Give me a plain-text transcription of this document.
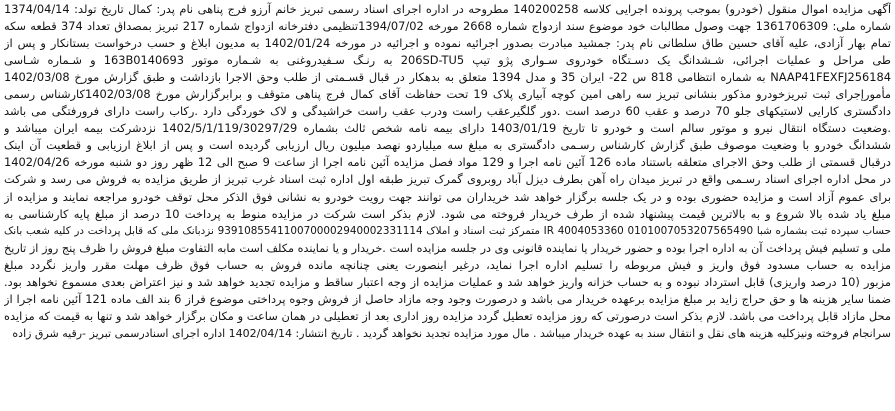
آگهی مزایده اموال منقول (خودرو) بموجب پرونده اجرایی کلاسه 140200258 مطروحه در اداره اجرای اسناد رسمی تبریز خانم آرزو فرج پناهی نام پدر: کمال تاریخ تولد: 1374/04/14
شماره ملی: 1361706309 جهت وصول مطالبات خود موضوع سند ازدواج شماره 2668 مورخه 1394/07/02تنظیمی دفترخانه ازدواج شماره 217 تبریز بمصداق تعداد 374 قطعه سکه
تمام بهار آزادی، علیه آقای حسین طاق سلطانی نام پدر: جمشید مبادرت بصدور اجرائیه نموده و اجرائیه در مورخه 1402/01/24 به مدیون ابلاغ و حسب درخواست بستانکار و پس از
طی مراحل و عملیات اجرائی، شـشدانگ یک دسـتگاه خودروی سـواری پژو تیپ 206SD-TU5 به رنـگ سـفیدروغنی به شـماره موتور 163B0140693 و شـماره شـاسی
NAAP41FEXFJ256184 به شماره انتظامی 818 س 22- ایران 35 و مدل 1394 متعلق به بدهکار در قبال قسـمتی از طلب وحق الاجرا بازداشت و طبق گزارش مورخ 1402/03/08
مأمورإجرای ثبت تبریزخودرو مذکور بنشانی تبریز سه راهی امین کوچه آبیاری پلاک 19 تحت حفاظت آقای کمال فرج پناهی متوقف و برابرگزارش مورخ 1402/03/08کارشناس رسمی
دادگستری کارایی لاستیکهای جلو 70 درصد و عقب 60 درصد است .دور گلگیرعقب راست ودرب عقب راست خراشیدگی و لاک خوردگی دارد .رکاب راست دارای فرورفتگی می باشد
.وضعیت دستگاه انتقال نیرو و موتور سالم است و خودرو تا تاریخ 1403/01/19 دارای بیمه نامه شخص ثالث بشماره 1402/5/1/119/30297/29 نزدشرکت بیمه ایران میباشد و
ششدانگ خودرو با وضعیت موصوف طبق گزارش کارشناس رسـمی دادگستری به مبلغ سه میلیاردو نهصد میلیون ریال ارزیابی گردیده است و پس از ابلاغ ارزیابی و قطعیت آن اینک
درقبال قسمتی از طلب وحق الاجرای متعلقه باستناد ماده 126 آئین نامه اجرا و 129 مواد فصل مزایده آئین نامه اجرا از ساعت 9 صبح الی 12 ظهر روز دو شنبه مورخه 1402/04/26
در محل اداره اجرای اسناد رسـمی واقع در تبریز میدان راه آهن بطرف دیزل آباد روبروی گمرک تبریز طبقه اول اداره ثبت اسناد غرب تبریز از طریق مزایده به فروش می رسد و شرکت
برای عموم آزاد است و مزایده حضوری بوده و در یک جلسه برگزار خواهد شد خریداران می توانند جهت رویت خودرو به نشانی فوق الذکر محل توقف خودرو مراجعه نمایند و مزایده از
مبلغ یاد شده بالا شروع و به بالاترین قیمت پیشنهاد شده از طرف خریدار فروخته می شود. لازم بذکر است شرکت در مزایده منوط به پرداخت 10 درصد از مبلغ پایه کارشناسی به
حساب سپرده ثبت بشماره شبا 0101007053207565490 4004053360 IR متمرکز ثبت اسناد و املاک 9391085541100700002940002331114 نزدبانک ملی که قابل پرداخت در کلیه شعب بانک
ملی و تسلیم فیش پرداخت آن به اداره اجرا بوده و حضور خریدار یا نماینده قانونی وی در جلسه مزایده است .خریدار و یا نماینده مکلف است مابه التفاوت مبلغ فروش را ظرف پنج روز از تاریخ
مزایده به حساب مسدود فوق واریز و فیش مربوطه را تسلیم اداره اجرا نماید، درغیر اینصورت یعنی چنانچه مانده فروش به حساب فوق ظرف مهلت مقرر واریز نگردد مبلغ
مزبور (10 درصد واریزی) قابل استرداد نبوده و به حساب خزانه واریز خواهد شد و عملیات مزایده از وجه اعتبار ساقط و مزایده تجدید خواهد شد و نیز اعتراض بعدی مسموع نخواهد بود.
ضمنا سایر هزینه ها و حق حراج زاید بر مبلغ مزایده برعهده خریدار می باشد و درصورت وجود وجه مازاد حاصل از فروش وجوه پرداختی موضوع فراز 6 بند الف ماده 121 آئین نامه اجرا از
محل مازاد قابل پرداخت می باشد. لازم بذکر است درصورتی که روز مزایده تعطیل گردد مزایده روز اداری بعد از تعطیلی در همان ساعت و مکان برگزار خواهد شد و تنها به قیمت که مزایده
سرانجام فروخته ونیزکلیه هزینه های نقل و انتقال سند به عهده خریدار میباشد . مال مورد مزایده تجدید نخواهد گردید . تاریخ انتشار: 1402/04/14 اداره اجرای اسنادرسمی تبریز -رقیه شرق زاده
